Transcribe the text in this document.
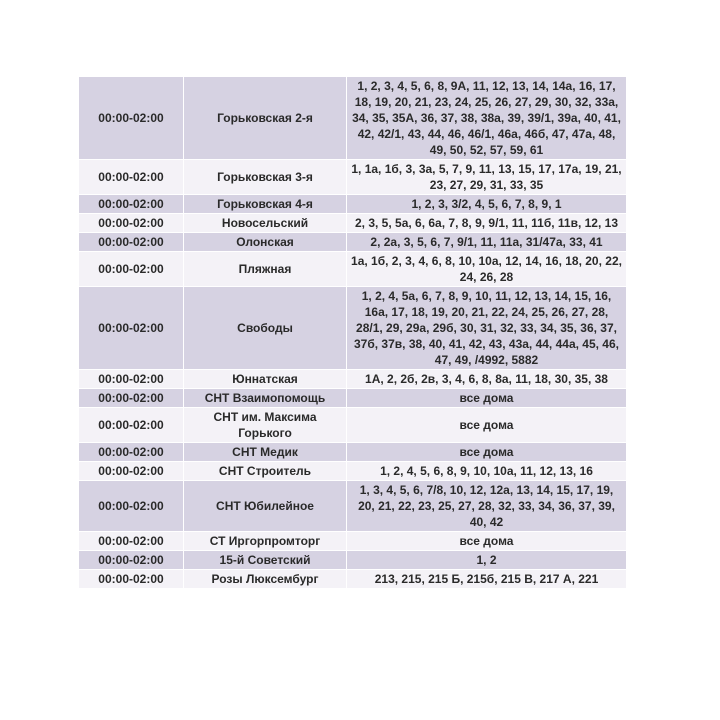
00:00-02:00	Горьковская 2-я	1, 2, 3, 4, 5, 6, 8, 9А, 11, 12, 13, 14, 14а, 16, 17, 18, 19, 20, 21, 23, 24, 25, 26, 27, 29, 30, 32, 33а, 34, 35, 35А, 36, 37, 38, 38а, 39, 39/1, 39а, 40, 41, 42, 42/1, 43, 44, 46, 46/1, 46а, 46б, 47, 47а, 48, 49, 50, 52, 57, 59, 61
00:00-02:00	Горьковская 3-я	1, 1а, 1б, 3, 3а, 5, 7, 9, 11, 13, 15, 17, 17а, 19, 21, 23, 27, 29, 31, 33, 35
00:00-02:00	Горьковская 4-я	1, 2, 3, 3/2, 4, 5, 6, 7, 8, 9, 1
00:00-02:00	Новосельский	2, 3, 5, 5а, 6, 6а, 7, 8, 9, 9/1, 11, 11б, 11в, 12, 13
00:00-02:00	Олонская	2, 2а, 3, 5, 6, 7, 9/1, 11, 11а, 31/47а, 33, 41
00:00-02:00	Пляжная	1а, 1б, 2, 3, 4, 6, 8, 10, 10а, 12, 14, 16, 18, 20, 22, 24, 26, 28
00:00-02:00	Свободы	1, 2, 4, 5а, 6, 7, 8, 9, 10, 11, 12, 13, 14, 15, 16, 16а, 17, 18, 19, 20, 21, 22, 24, 25, 26, 27, 28, 28/1, 29, 29а, 29б, 30, 31, 32, 33, 34, 35, 36, 37, 37б, 37в, 38, 40, 41, 42, 43, 43а, 44, 44а, 45, 46, 47, 49, /4992, 5882
00:00-02:00	Юннатская	1А, 2, 2б, 2в, 3, 4, 6, 8, 8а, 11, 18, 30, 35, 38
00:00-02:00	СНТ Взаимопомощь	все дома
00:00-02:00	СНТ им. Максима Горького	все дома
00:00-02:00	СНТ Медик	все дома
00:00-02:00	СНТ Строитель	1, 2, 4, 5, 6, 8, 9, 10, 10а, 11, 12, 13, 16
00:00-02:00	СНТ Юбилейное	1, 3, 4, 5, 6, 7/8, 10, 12, 12а, 13, 14, 15, 17, 19, 20, 21, 22, 23, 25, 27, 28, 32, 33, 34, 36, 37, 39, 40, 42
00:00-02:00	СТ Иргорпромторг	все дома
00:00-02:00	15-й Советский	1, 2
00:00-02:00	Розы Люксембург	213, 215, 215 Б, 215б, 215 В, 217 А, 221
